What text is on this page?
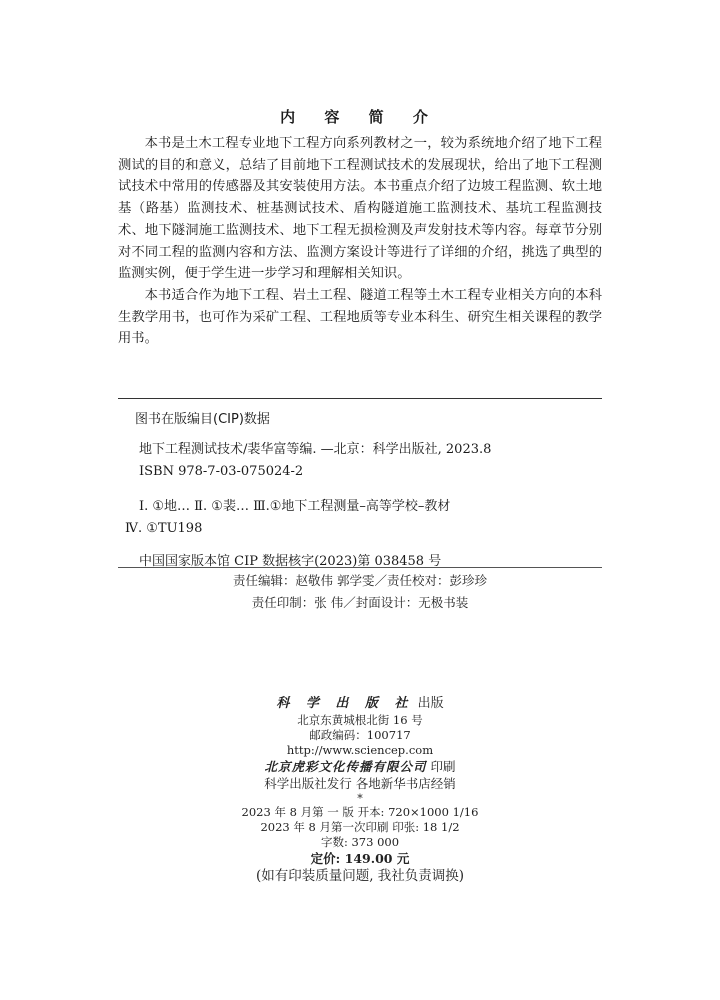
内 容 简 介

本书是土木工程专业地下工程方向系列教材之一，较为系统地介绍了地下工程测试的目的和意义，总结了目前地下工程测试技术的发展现状，给出了地下工程测试技术中常用的传感器及其安装使用方法。本书重点介绍了边坡工程监测、软土地基（路基）监测技术、桩基测试技术、盾构隧道施工监测技术、基坑工程监测技术、地下隧洞施工监测技术、地下工程无损检测及声发射技术等内容。每章节分别对不同工程的监测内容和方法、监测方案设计等进行了详细的介绍，挑选了典型的监测实例，便于学生进一步学习和理解相关知识。

本书适合作为地下工程、岩土工程、隧道工程等土木工程专业相关方向的本科生教学用书，也可作为采矿工程、工程地质等专业本科生、研究生相关课程的教学用书。

图书在版编目(CIP)数据
地下工程测试技术/裴华富等编. —北京：科学出版社, 2023.8
ISBN 978-7-03-075024-2
Ⅰ. ①地… Ⅱ. ①裴… Ⅲ.①地下工程测量–高等学校–教材
Ⅳ. ①TU198
中国国家版本馆 CIP 数据核字(2023)第 038458 号
责任编辑：赵敬伟 郭学雯／责任校对：彭珍珍
责任印制：张 伟／封面设计：无极书装
科 学 出 版 社 出版
北京东黄城根北街 16 号
邮政编码：100717
http://www.sciencep.com
北京虎彩文化传播有限公司 印刷
科学出版社发行 各地新华书店经销
*
2023 年 8 月第 一 版 开本: 720×1000 1/16
2023 年 8 月第一次印刷 印张: 18 1/2
字数: 373 000
定价: 149.00 元
(如有印装质量问题, 我社负责调换)
